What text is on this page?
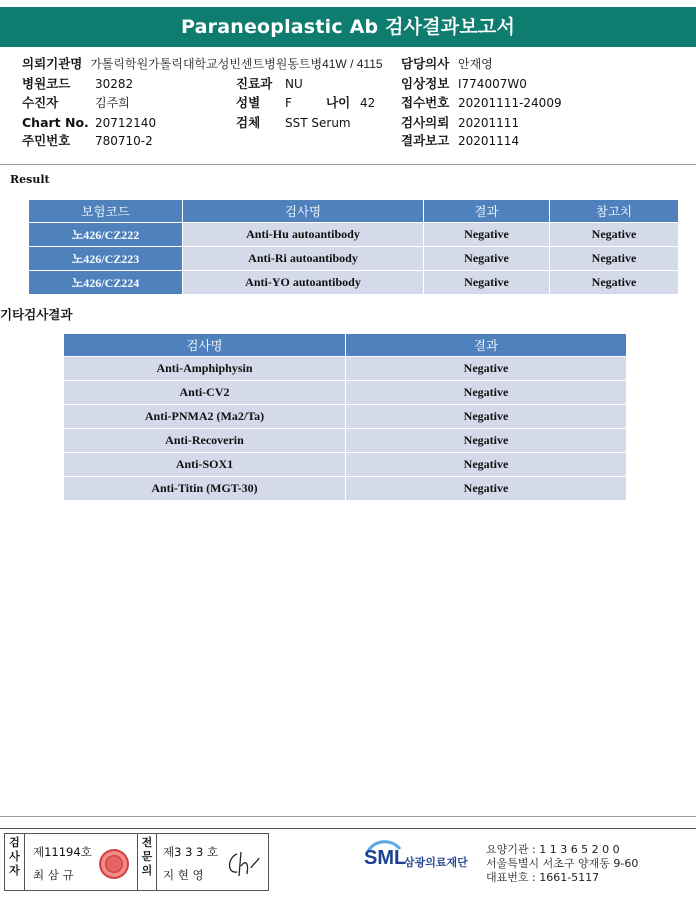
Paraneoplastic Ab 검사결과보고서
의뢰기관명 가톨릭학원가톨릭대학교성빈센트병원동트병41W / 4115
병원코드 30282
수진자	김주희
Chart No. 20712140
주민번호 780710-2
진료과 NU
성별 F	나이 42
검체 SST Serum
담당의사 안재영
임상정보 I774007W0
접수번호 20201111-24009
검사의뢰 20201111
결과보고 20201114
Result
보험코드	검사명	결과	참고치
노426/CZ222	Anti-Hu autoantibody	Negative	Negative
노426/CZ223	Anti-Ri autoantibody	Negative	Negative
노426/CZ224	Anti-YO autoantibody	Negative	Negative
기타검사결과
검사명	결과
Anti-Amphiphysin	Negative
Anti-CV2	Negative
Anti-PNMA2 (Ma2/Ta)	Negative
Anti-Recoverin	Negative
Anti-SOX1	Negative
Anti-Titin (MGT-30)	Negative
검
사
자
제11194호
최 삼 규
전
문
의
제3 3 3 호
지 현 영
SML
삼광의료재단
요양기관 : 1 1 3 6 5 2 0 0
서울특별시 서초구 양재동 9-60
대표번호 : 1661-5117
